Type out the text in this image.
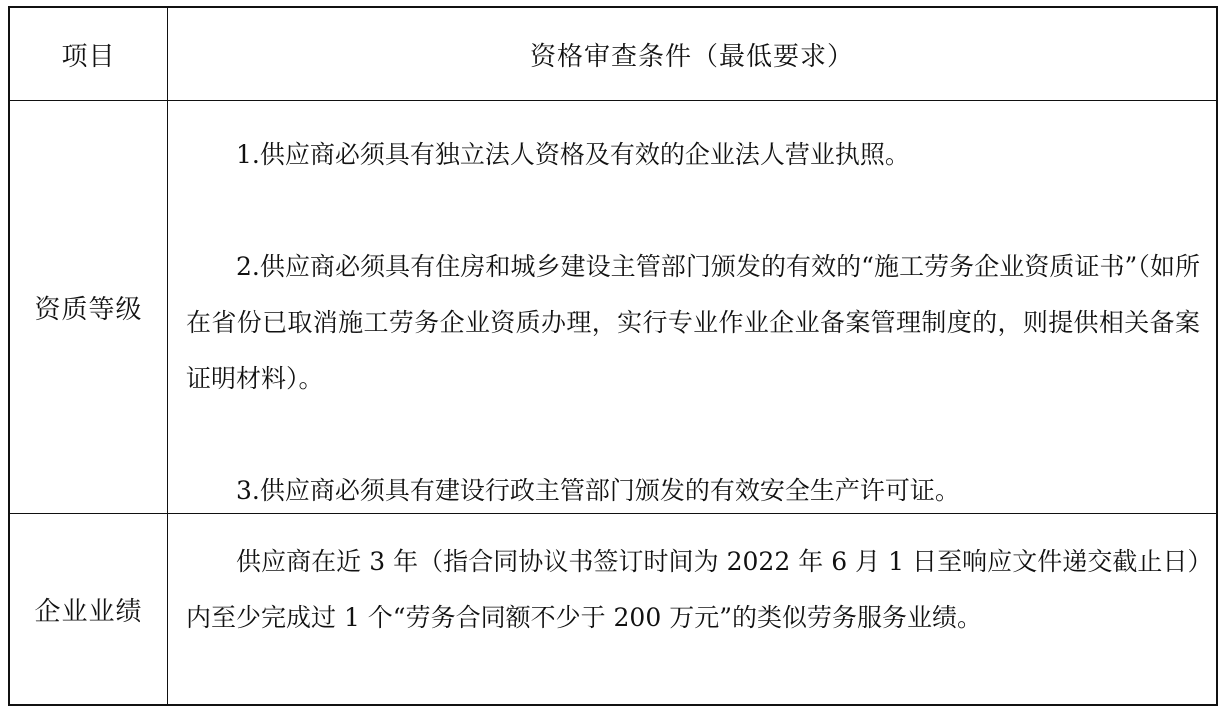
项目	资格审查条件（最低要求）
资质等级

1.供应商必须具有独立法人资格及有效的企业法人营业执照。

2.供应商必须具有住房和城乡建设主管部门颁发的有效的“施工劳务企业资质证书”（如所在省份已取消施工劳务企业资质办理，实行专业作业企业备案管理制度的，则提供相关备案证明材料）。

3.供应商必须具有建设行政主管部门颁发的有效安全生产许可证。

企业业绩

供应商在近 3 年（指合同协议书签订时间为 2022 年 6 月 1 日至响应文件递交截止日）内至少完成过 1 个“劳务合同额不少于 200 万元”的类似劳务服务业绩。
